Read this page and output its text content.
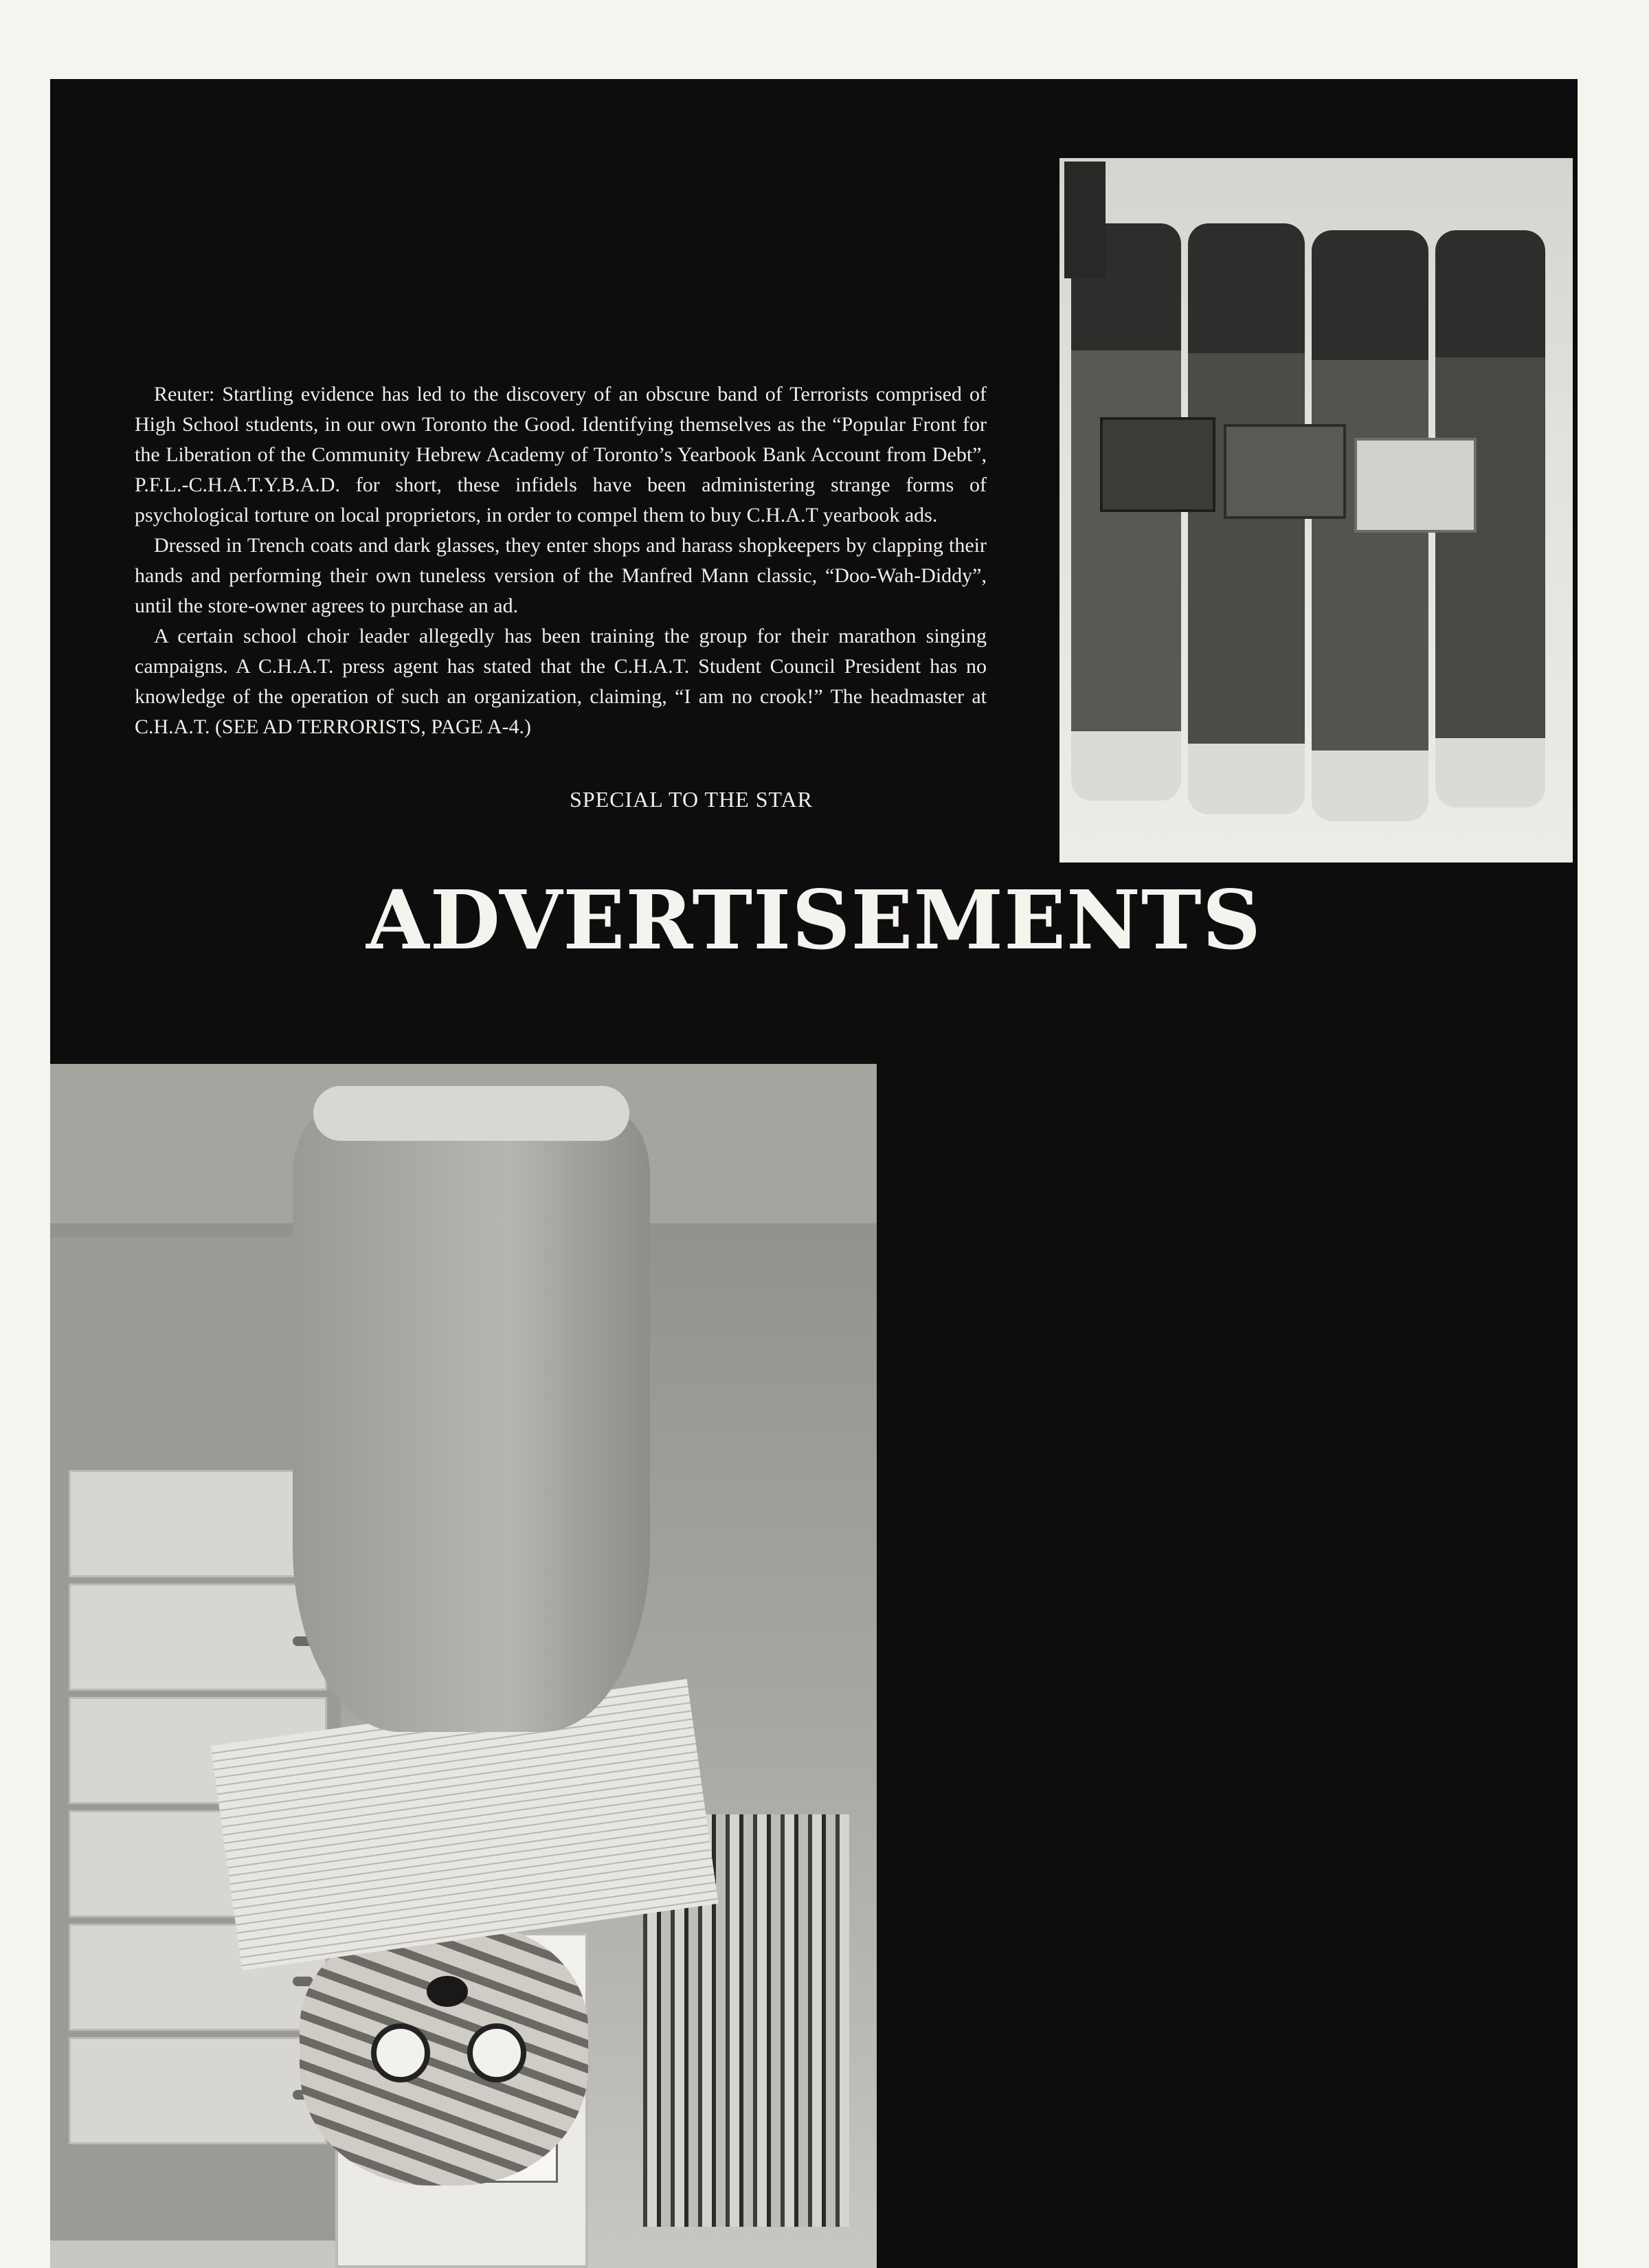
ADVERTISEMENTS
SPECIAL TO THE STAR

Reuter: Startling evidence has led to the discovery of an obscure band of Terrorists comprised of High School students, in our own Toronto the Good. Identifying themselves as the “Popular Front for the Liberation of the Community Hebrew Academy of Toronto’s Yearbook Bank Account from Debt”, P.F.L.-C.H.A.T.Y.B.A.D. for short, these infidels have been administering strange forms of psychological torture on local proprietors, in order to compel them to buy C.H.A.T yearbook ads.

Dressed in Trench coats and dark glasses, they enter shops and harass shopkeepers by clapping their hands and performing their own tuneless version of the Manfred Mann classic, “Doo-Wah-Diddy”, until the store-owner agrees to purchase an ad.

A certain school choir leader allegedly has been training the group for their marathon singing campaigns. A C.H.A.T. press agent has stated that the C.H.A.T. Student Council President has no knowledge of the operation of such an organization, claiming, “I am no crook!” The headmaster at C.H.A.T. (SEE AD TERRORISTS, PAGE A-4.)
